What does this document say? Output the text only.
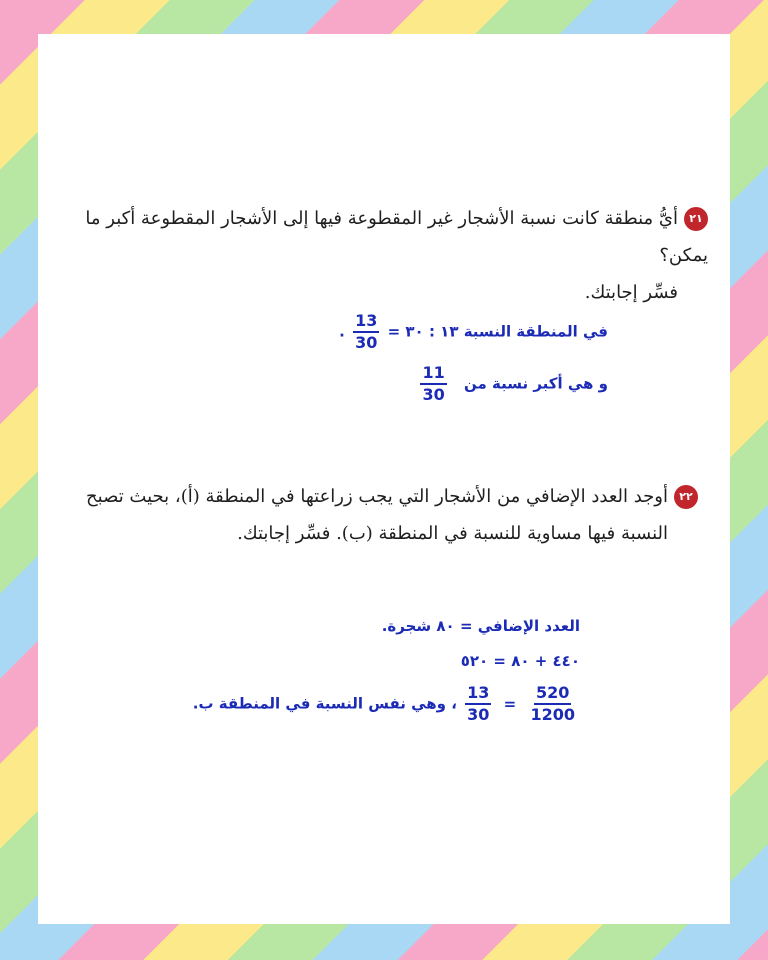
٢١أيُّ منطقة كانت نسبة الأشجار غير المقطوعة فيها إلى الأشجار المقطوعة أكبر ما يمكن؟
فسِّر إجابتك.
في المنطقة النسبة ١٣ : ٣٠ =
$\frac{13}{30}$
.
و هي أكبر نسبة من
$\frac{11}{30}$
٢٢أوجد العدد الإضافي من الأشجار التي يجب زراعتها في المنطقة (أ)، بحيث تصبح
النسبة فيها مساوية للنسبة في المنطقة (ب). فسِّر إجابتك.
العدد الإضافي = ٨٠ شجرة.
٤٤٠ + ٨٠ = ٥٢٠
$\frac{520}{1200}$
=
$\frac{13}{30}$
، وهي نفس النسبة في المنطقة ب.
